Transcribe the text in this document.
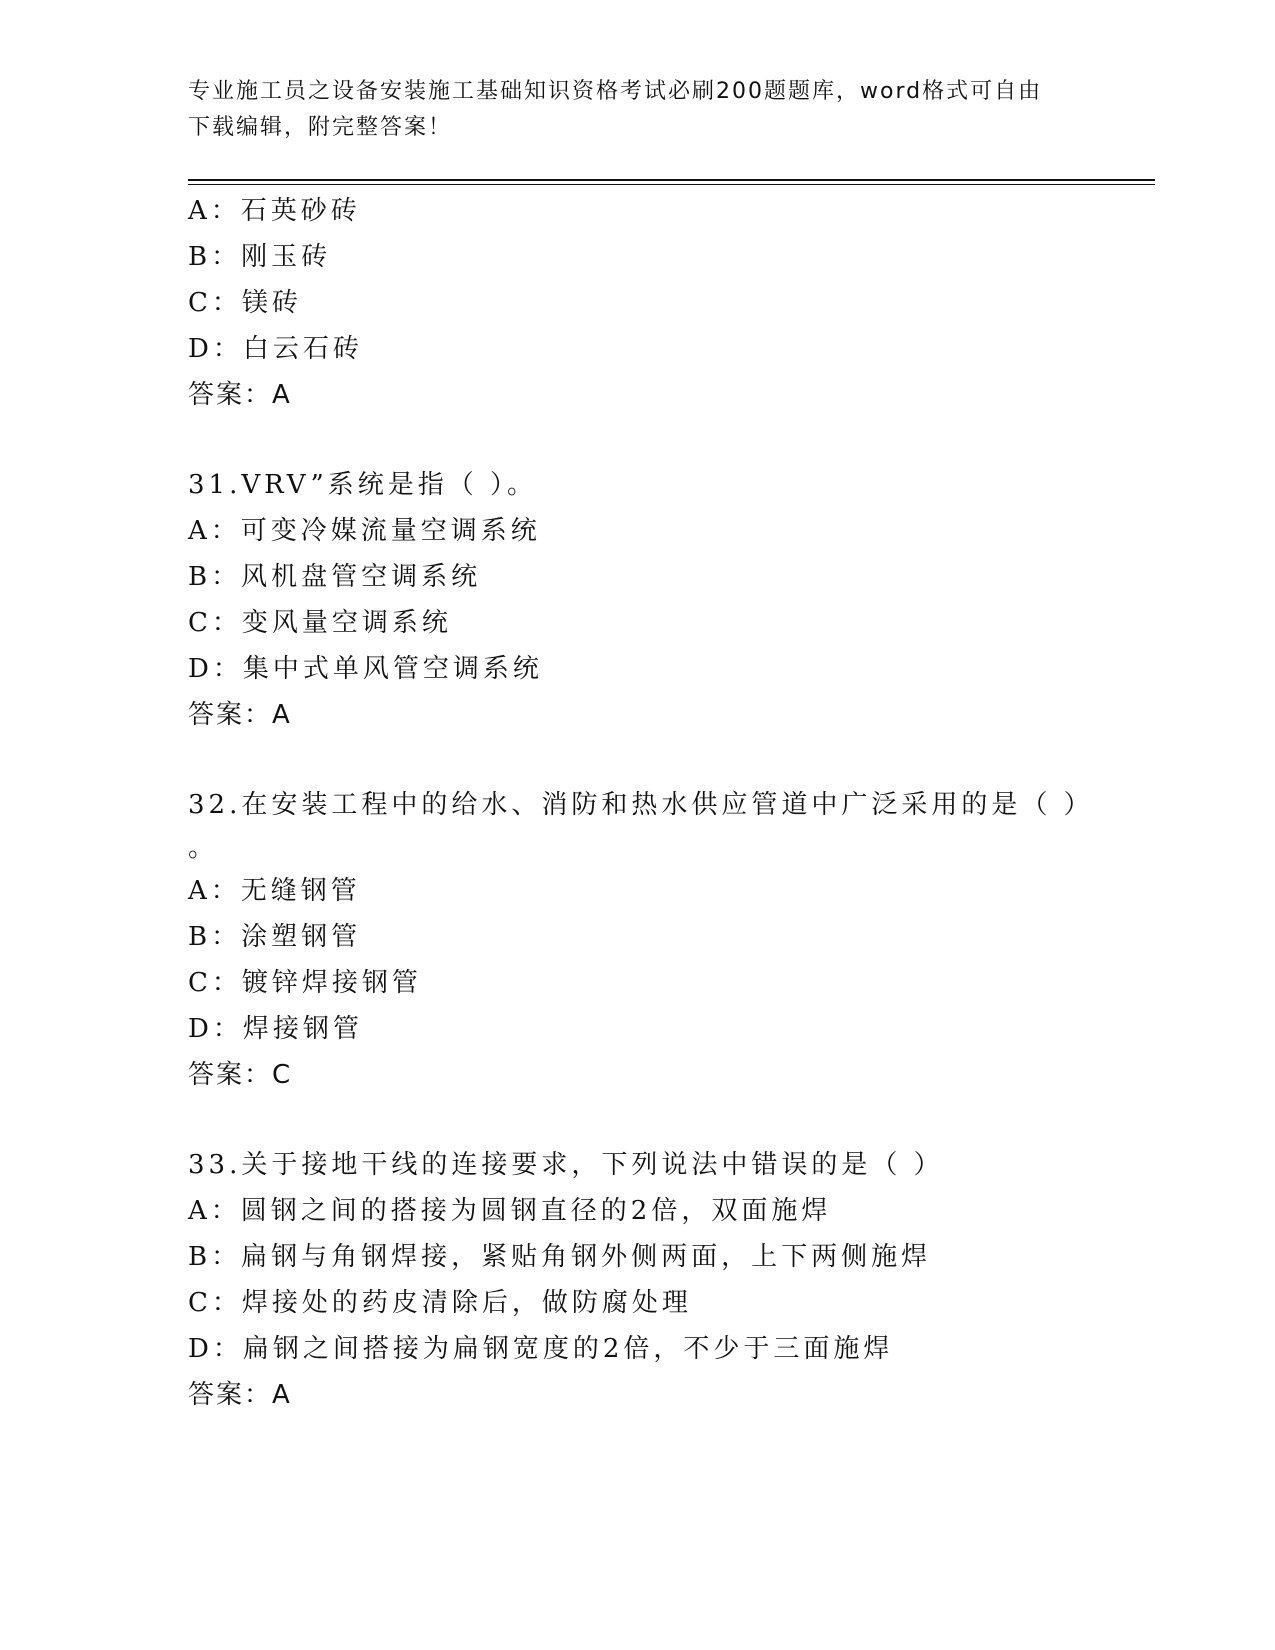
专业施工员之设备安装施工基础知识资格考试必刷200题题库，word格式可自由
下载编辑，附完整答案！
A：石英砂砖
B：刚玉砖
C：镁砖
D：白云石砖
答案：A
31.VRV”系统是指（ ）。
A：可变冷媒流量空调系统
B：风机盘管空调系统
C：变风量空调系统
D：集中式单风管空调系统
答案：A
32.在安装工程中的给水、消防和热水供应管道中广泛采用的是（ ）
。
A：无缝钢管
B：涂塑钢管
C：镀锌焊接钢管
D：焊接钢管
答案：C
33.关于接地干线的连接要求，下列说法中错误的是（ ）
A：圆钢之间的搭接为圆钢直径的2倍，双面施焊
B：扁钢与角钢焊接，紧贴角钢外侧两面，上下两侧施焊
C：焊接处的药皮清除后，做防腐处理
D：扁钢之间搭接为扁钢宽度的2倍，不少于三面施焊
答案：A
